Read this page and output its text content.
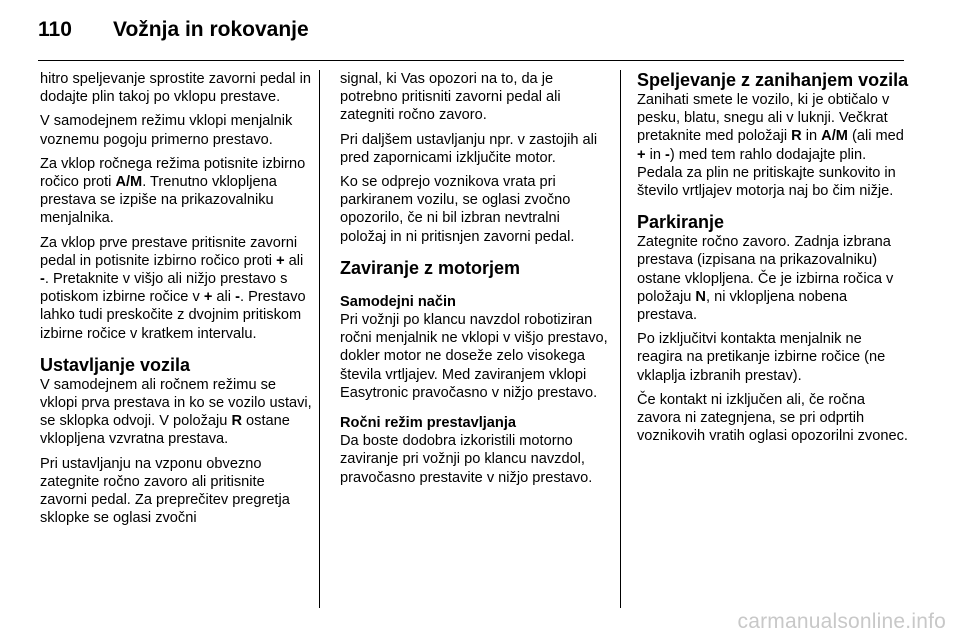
110	Vožnja in rokovanje

hitro speljevanje sprostite zavorni pedal in dodajte plin takoj po vklopu prestave.

V samodejnem režimu vklopi menjalnik voznemu pogoju primerno prestavo.

Za vklop ročnega režima potisnite izbirno ročico proti A/M. Trenutno vklopljena prestava se izpiše na prikazovalniku menjalnika.

Za vklop prve prestave pritisnite zavorni pedal in potisnite izbirno ročico proti + ali -. Pretaknite v višjo ali nižjo prestavo s potiskom izbirne ročice v + ali -. Prestavo lahko tudi preskočite z dvojnim pritiskom izbirne ročice v kratkem intervalu.

Ustavljanje vozila

V samodejnem ali ročnem režimu se vklopi prva prestava in ko se vozilo ustavi, se sklopka odvoji. V položaju R ostane vklopljena vzvratna prestava.

Pri ustavljanju na vzponu obvezno zategnite ročno zavoro ali pritisnite zavorni pedal. Za preprečitev pregretja sklopke se oglasi zvočni

signal, ki Vas opozori na to, da je potrebno pritisniti zavorni pedal ali zategniti ročno zavoro.

Pri daljšem ustavljanju npr. v zastojih ali pred zapornicami izključite motor.

Ko se odprejo voznikova vrata pri parkiranem vozilu, se oglasi zvočno opozorilo, če ni bil izbran nevtralni položaj in ni pritisnjen zavorni pedal.

Zaviranje z motorjem
Samodejni način

Pri vožnji po klancu navzdol robotiziran ročni menjalnik ne vklopi v višjo prestavo, dokler motor ne doseže zelo visokega števila vrtljajev. Med zaviranjem vklopi Easytronic pravočasno v nižjo prestavo.

Ročni režim prestavljanja

Da boste dodobra izkoristili motorno zaviranje pri vožnji po klancu navzdol, pravočasno prestavite v nižjo prestavo.

Speljevanje z zanihanjem vozila

Zanihati smete le vozilo, ki je obtičalo v pesku, blatu, snegu ali v luknji. Večkrat pretaknite med položaji R in A/M (ali med + in -) med tem rahlo dodajajte plin. Pedala za plin ne pritiskajte sunkovito in število vrtljajev motorja naj bo čim nižje.

Parkiranje

Zategnite ročno zavoro. Zadnja izbrana prestava (izpisana na prikazovalniku) ostane vklopljena. Če je izbirna ročica v položaju N, ni vklopljena nobena prestava.

Po izključitvi kontakta menjalnik ne reagira na pretikanje izbirne ročice (ne vklaplja izbranih prestav).

Če kontakt ni izključen ali, če ročna zavora ni zategnjena, se pri odprtih voznikovih vratih oglasi opozorilni zvonec.

carmanualsonline.info
